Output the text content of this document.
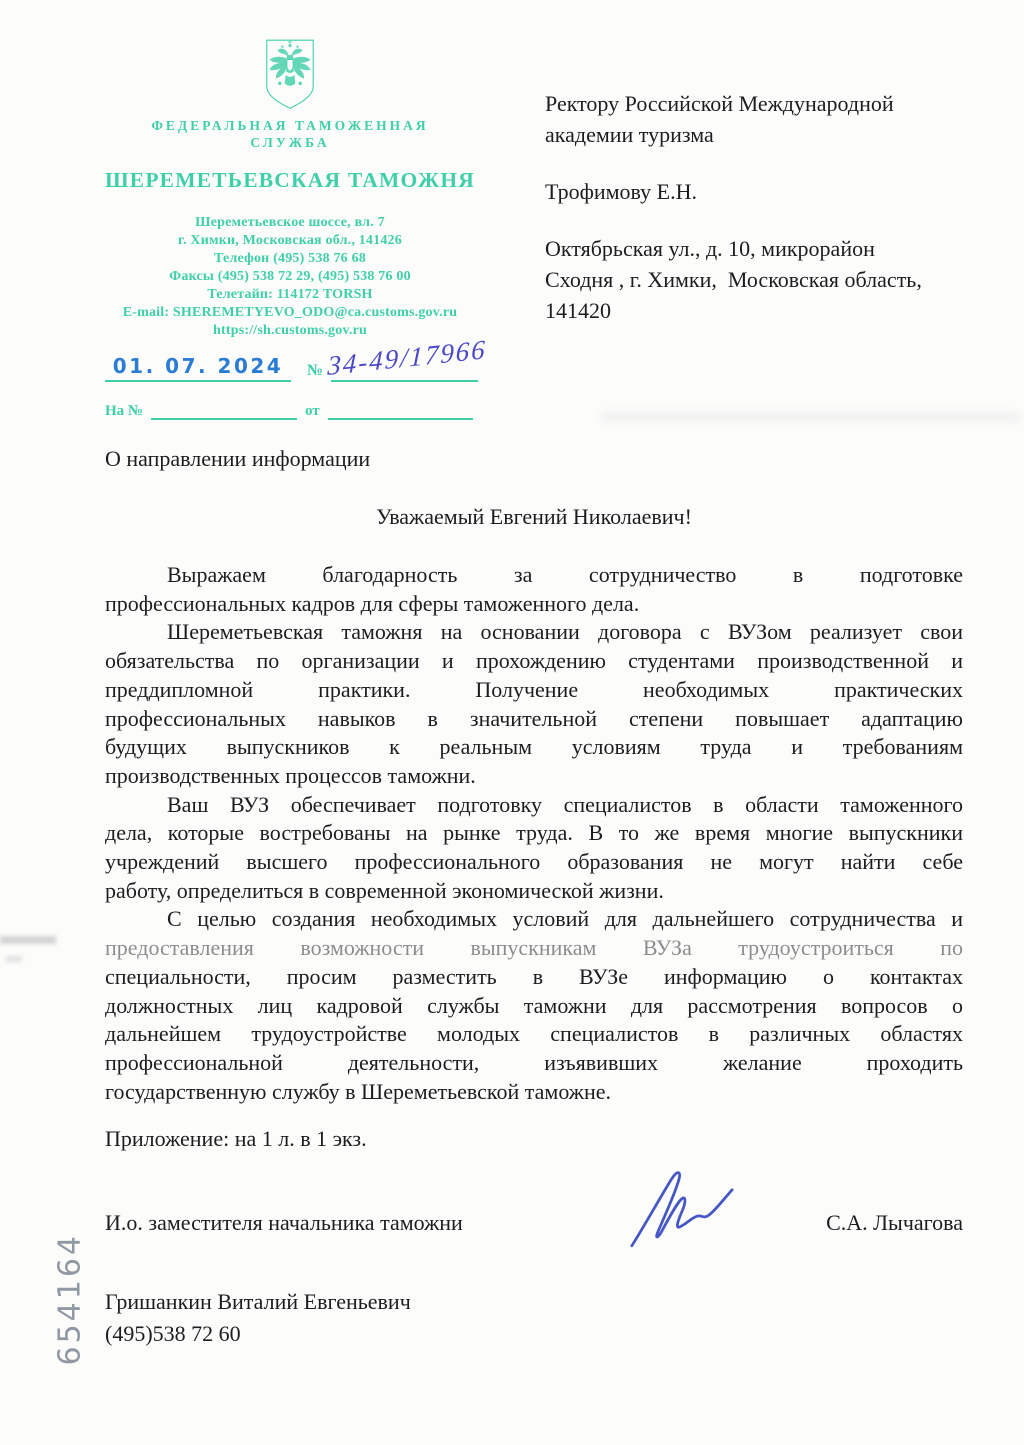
ФЕДЕРАЛЬНАЯ ТАМОЖЕННАЯ
СЛУЖБА
ШЕРЕМЕТЬЕВСКАЯ ТАМОЖНЯ
Шереметьевское шоссе, вл. 7
г. Химки, Московская обл., 141426
Телефон (495) 538 76 68
Факсы (495) 538 72 29, (495) 538 76 00
Телетайп: 114172 TORSH
E-mail: SHEREMETYEVO_ODO@ca.customs.gov.ru
https://sh.customs.gov.ru
Ректору Российской Международной
академии туризма
Трофимову Е.Н.
Октябрьская ул., д. 10, микрорайон
Сходня , г. Химки,  Московская область,
141420
01. 07. 2024	№ 34-49/17966
На №	от
О направлении информации
Уважаемый Евгений Николаевич!
Выражаем благодарность за сотрудничество в подготовке
профессиональных кадров для сферы таможенного дела.
Шереметьевская таможня на основании договора с ВУЗом реализует свои
обязательства по организации и прохождению студентами производственной и
преддипломной практики. Получение необходимых практических
профессиональных навыков в значительной степени повышает адаптацию
будущих выпускников к реальным условиям труда и требованиям
производственных процессов таможни.
Ваш ВУЗ обеспечивает подготовку специалистов в области таможенного
дела, которые востребованы на рынке труда. В то же время многие выпускники
учреждений высшего профессионального образования не могут найти себе
работу, определиться в современной экономической жизни.
С целью создания необходимых условий для дальнейшего сотрудничества и
предоставления возможности выпускникам ВУЗа трудоустроиться по
специальности, просим разместить в ВУЗе информацию о контактах
должностных лиц кадровой службы таможни для рассмотрения вопросов о
дальнейшем трудоустройстве молодых специалистов в различных областях
профессиональной деятельности, изъявивших желание проходить
государственную службу в Шереметьевской таможне.
Приложение: на 1 л. в 1 экз.
И.о. заместителя начальника таможни	С.А. Лычагова
Гришанкин Виталий Евгеньевич
(495)538 72 60
654164
